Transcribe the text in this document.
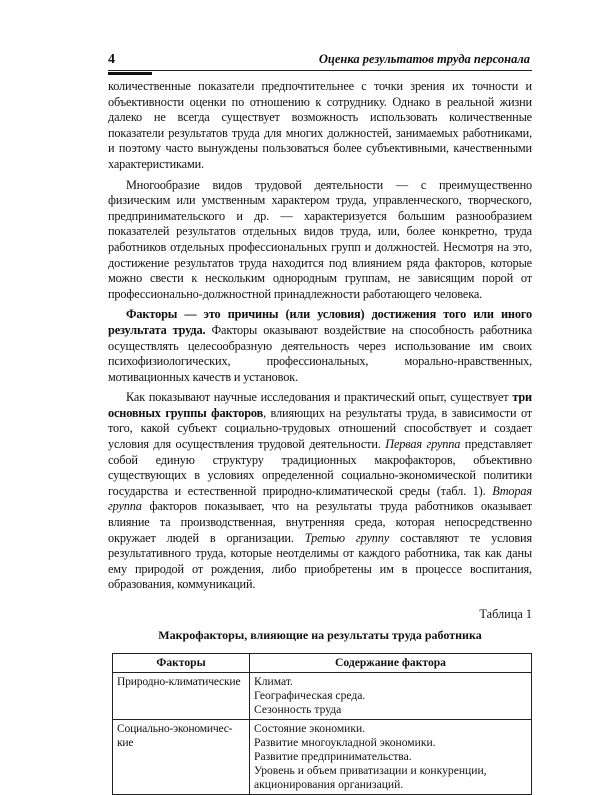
4	Оценка результатов труда персонала

количественные показатели предпочтительнее с точки зрения их точности и объективности оценки по отношению к сотруднику. Однако в реальной жизни далеко не всегда существует возможность использовать количественные показатели результатов труда для многих должностей, занимаемых работниками, и поэтому часто вынуждены пользоваться более субъективными, качественными характеристиками.

Многообразие видов трудовой деятельности — с преимущественно физическим или умственным характером труда, управленческого, творческого, предпринимательского и др. — характеризуется большим разнообразием показателей результатов отдельных видов труда, или, более конкретно, труда работников отдельных профессиональных групп и должностей. Несмотря на это, достижение результатов труда находится под влиянием ряда факторов, которые можно свести к нескольким однородным группам, не зависящим порой от профессионально-должностной принадлежности работающего человека.

Факторы — это причины (или условия) достижения того или иного результата труда. Факторы оказывают воздействие на способность работника осуществлять целесообразную деятельность через использование им своих психофизиологических, профессиональных, морально-нравственных, мотивационных качеств и установок.

Как показывают научные исследования и практический опыт, существует три основных группы факторов, влияющих на результаты труда, в зависимости от того, какой субъект социально-трудовых отношений способствует и создает условия для осуществления трудовой деятельности. Первая группа представляет собой единую структуру традиционных макрофакторов, объективно существующих в условиях определенной социально-экономической политики государства и естественной природно-климатической среды (табл. 1). Вторая группа факторов показывает, что на результаты труда работников оказывает влияние та производственная, внутренняя среда, которая непосредственно окружает людей в организации. Третью группу составляют те условия результативного труда, которые неотделимы от каждого работника, так как даны ему природой от рождения, либо приобретены им в процессе воспитания, образования, коммуникаций.

Таблица 1
Макрофакторы, влияющие на результаты труда работника
Факторы	Содержание фактора
Природно-климатические	Климат.
Географическая среда.
Сезонность труда

Социально-экономичес-кие	Состояние экономики.
Развитие многоукладной экономики.
Развитие предпринимательства.
Уровень и объем приватизации и конкуренции, акционирования организаций.
